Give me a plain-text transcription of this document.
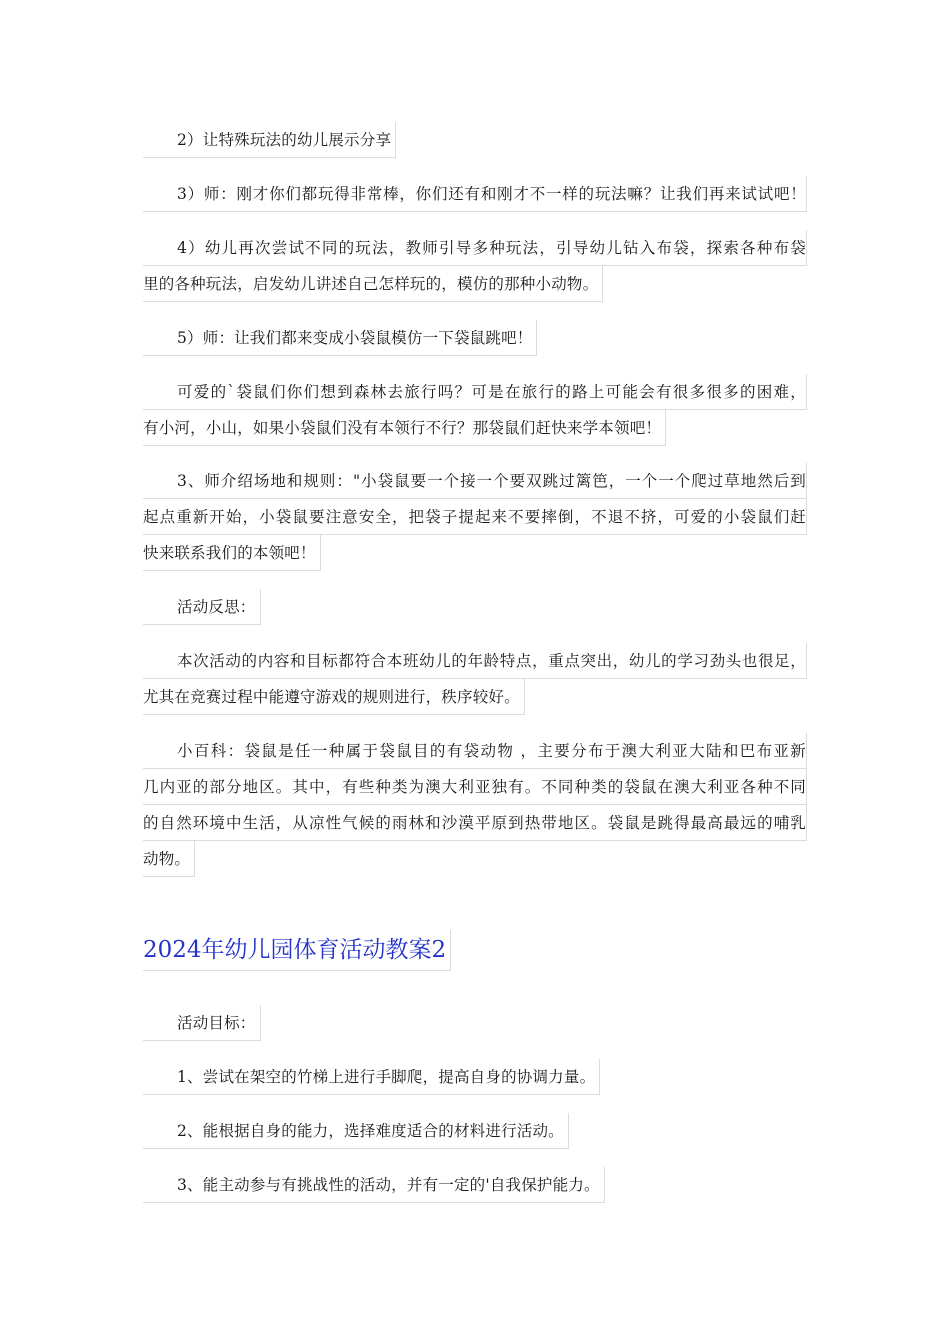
2）让特殊玩法的幼儿展示分享

3）师：刚才你们都玩得非常棒，你们还有和刚才不一样的玩法嘛？让我们再来试试吧！

4）幼儿再次尝试不同的玩法，教师引导多种玩法，引导幼儿钻入布袋，探索各种布袋
里的各种玩法，启发幼儿讲述自己怎样玩的，模仿的那种小动物。

5）师：让我们都来变成小袋鼠模仿一下袋鼠跳吧！

可爱的`袋鼠们你们想到森林去旅行吗？可是在旅行的路上可能会有很多很多的困难，
有小河，小山，如果小袋鼠们没有本领行不行？那袋鼠们赶快来学本领吧！

3、师介绍场地和规则："小袋鼠要一个接一个要双跳过篱笆，一个一个爬过草地然后到
起点重新开始，小袋鼠要注意安全，把袋子提起来不要摔倒，不退不挤，可爱的小袋鼠们赶
快来联系我们的本领吧！

活动反思：

本次活动的内容和目标都符合本班幼儿的年龄特点，重点突出，幼儿的学习劲头也很足，
尤其在竞赛过程中能遵守游戏的规则进行，秩序较好。

小百科：袋鼠是任一种属于袋鼠目的有袋动物 ，主要分布于澳大利亚大陆和巴布亚新
几内亚的部分地区。其中，有些种类为澳大利亚独有。不同种类的袋鼠在澳大利亚各种不同
的自然环境中生活，从凉性气候的雨林和沙漠平原到热带地区。袋鼠是跳得最高最远的哺乳
动物。

2024年幼儿园体育活动教案2

活动目标：

1、尝试在架空的竹梯上进行手脚爬，提高自身的协调力量。

2、能根据自身的能力，选择难度适合的材料进行活动。

3、能主动参与有挑战性的活动，并有一定的'自我保护能力。
